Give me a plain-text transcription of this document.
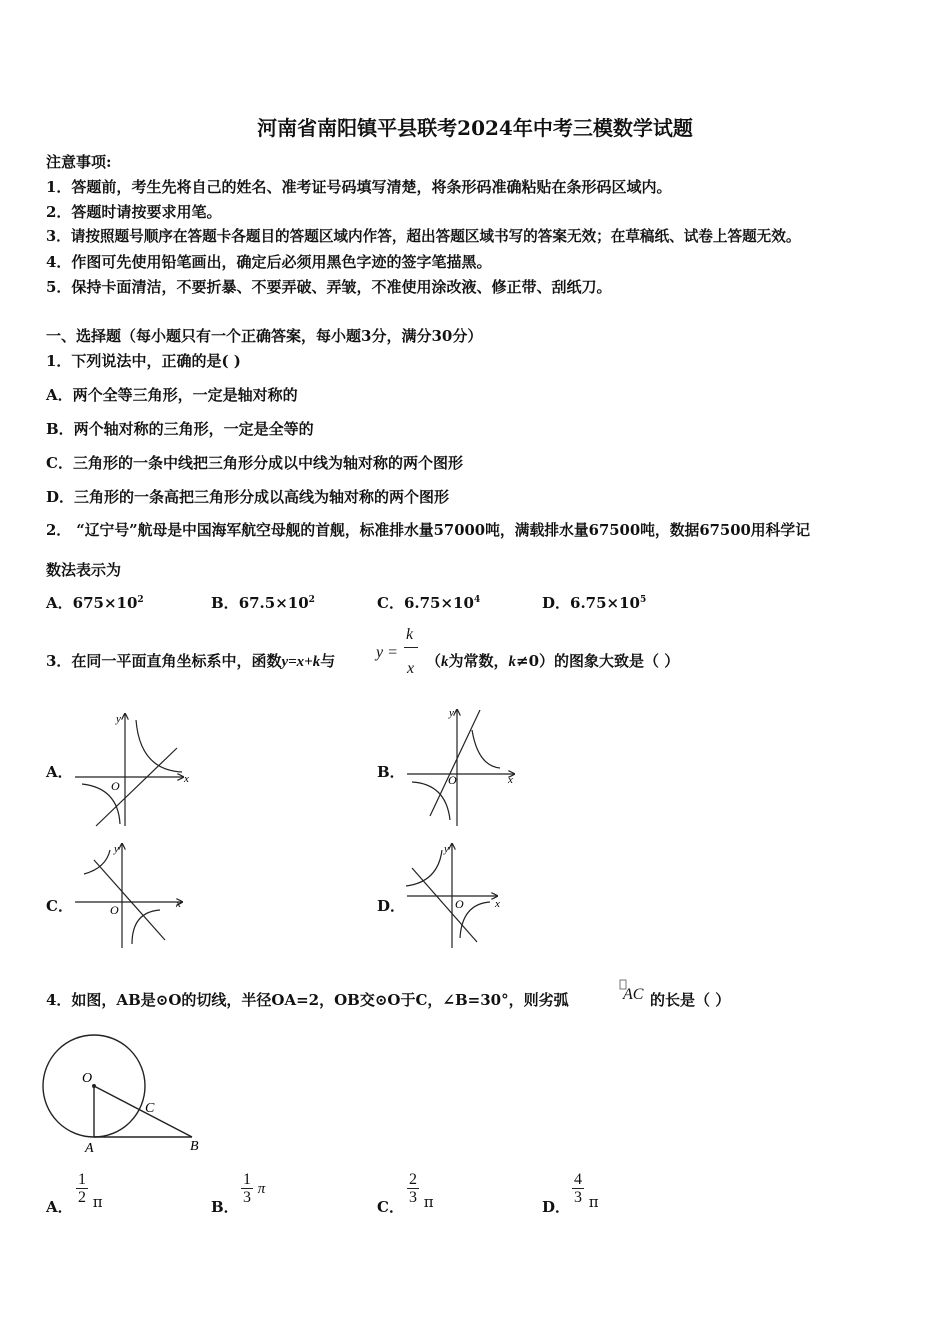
河南省南阳镇平县联考2024年中考三模数学试题
注意事项:
1．答题前，考生先将自己的姓名、准考证号码填写清楚，将条形码准确粘贴在条形码区域内。
2．答题时请按要求用笔。
3．请按照题号顺序在答题卡各题目的答题区域内作答，超出答题区域书写的答案无效；在草稿纸、试卷上答题无效。
4．作图可先使用铅笔画出，确定后必须用黑色字迹的签字笔描黑。
5．保持卡面清洁，不要折暴、不要弄破、弄皱，不准使用涂改液、修正带、刮纸刀。
一、选择题（每小题只有一个正确答案，每小题3分，满分30分）
1．下列说法中，正确的是( )
A．两个全等三角形，一定是轴对称的
B．两个轴对称的三角形，一定是全等的
C．三角形的一条中线把三角形分成以中线为轴对称的两个图形
D．三角形的一条高把三角形分成以高线为轴对称的两个图形
2． “辽宁号”航母是中国海军航空母舰的首舰，标准排水量57000吨，满载排水量67500吨，数据67500用科学记
数法表示为
A．$675\times 10^2$	B．$67.5\times 10^2$	C．$6.75\times 10^4$	D．$6.75\times 10^5$
3．在同一平面直角坐标系中，函数y=x+k与	y =
k
x （k为常数，k≠0）的图象大致是（ ）
A．	B．
C．	D．
x
y
O	x
y
O
x
y
O	x
y
O
4．如图，AB是⊙O的切线，半径OA=2，OB交⊙O于C，∠B=30°，则劣弧	AC 的长是（ ）
O
A	B
C
A．
$\frac{1}{2}$ π	B．
$\frac{1}{3}$ π
C．
$\frac{2}{3}$ π	D．
$\frac{4}{3}$ π
